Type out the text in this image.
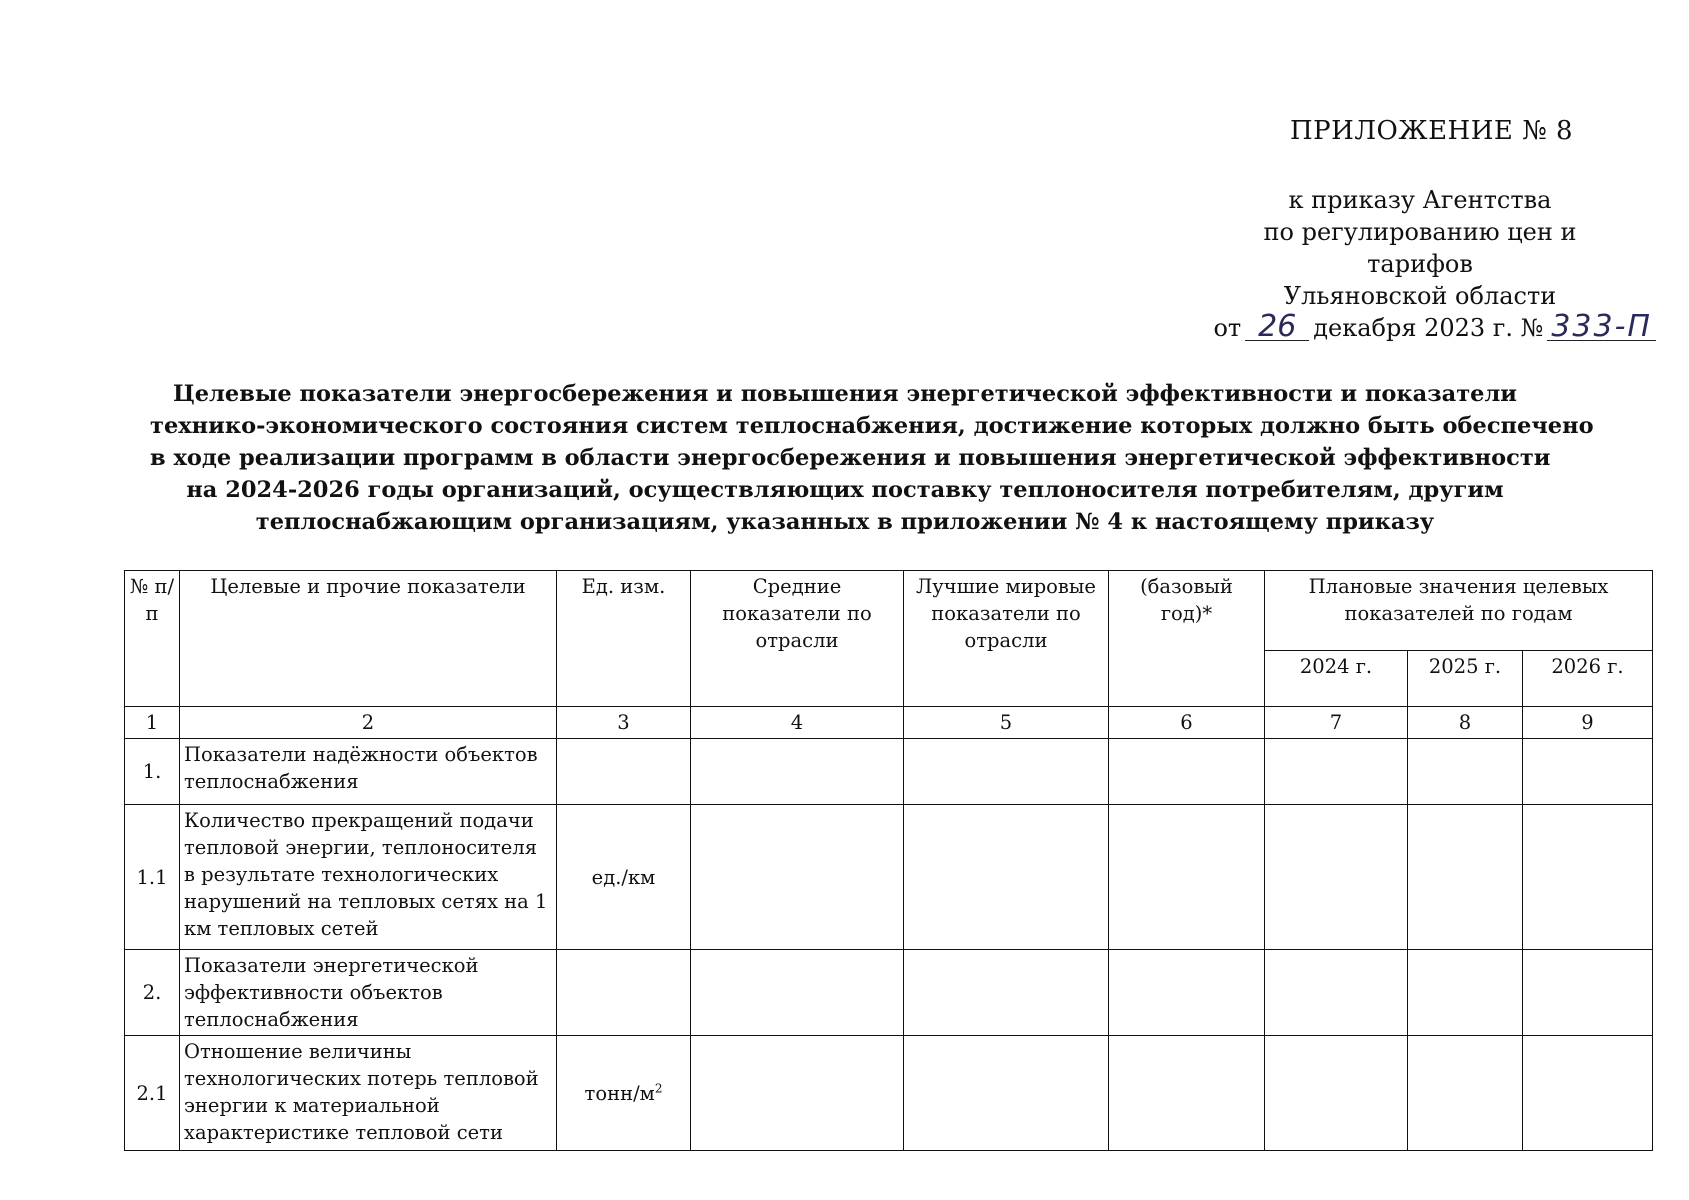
ПРИЛОЖЕНИЕ № 8
к приказу Агентства
по регулированию цен и тарифов
Ульяновской области
от 26 декабря 2023 г. № 333-П
Целевые показатели энергосбережения и повышения энергетической эффективности и показатели
технико-экономического состояния систем теплоснабжения, достижение которых должно быть обеспечено
в ходе реализации программ в области энергосбережения и повышения энергетической эффективности
на 2024-2026 годы организаций, осуществляющих поставку теплоносителя потребителям, другим
теплоснабжающим организациям, указанных в приложении № 4 к настоящему приказу
№ п/п	Целевые и прочие показатели	Ед. изм.	Средние показатели по отрасли	Лучшие мировые показатели по отрасли	(базовый год)*	Плановые значения целевых показателей по годам		
						2024 г.	2025 г.	2026 г.
1	2	3	4	5	6	7	8	9
1.	Показатели надёжности объектов теплоснабжения							
1.1	Количество прекращений подачи тепловой энергии, теплоносителя в результате технологических нарушений на тепловых сетях на 1 км тепловых сетей	ед./км						
2.	Показатели энергетической эффективности объектов теплоснабжения							
2.1	Отношение величины технологических потерь тепловой энергии к материальной характеристике тепловой сети	тонн/$м^2$						
